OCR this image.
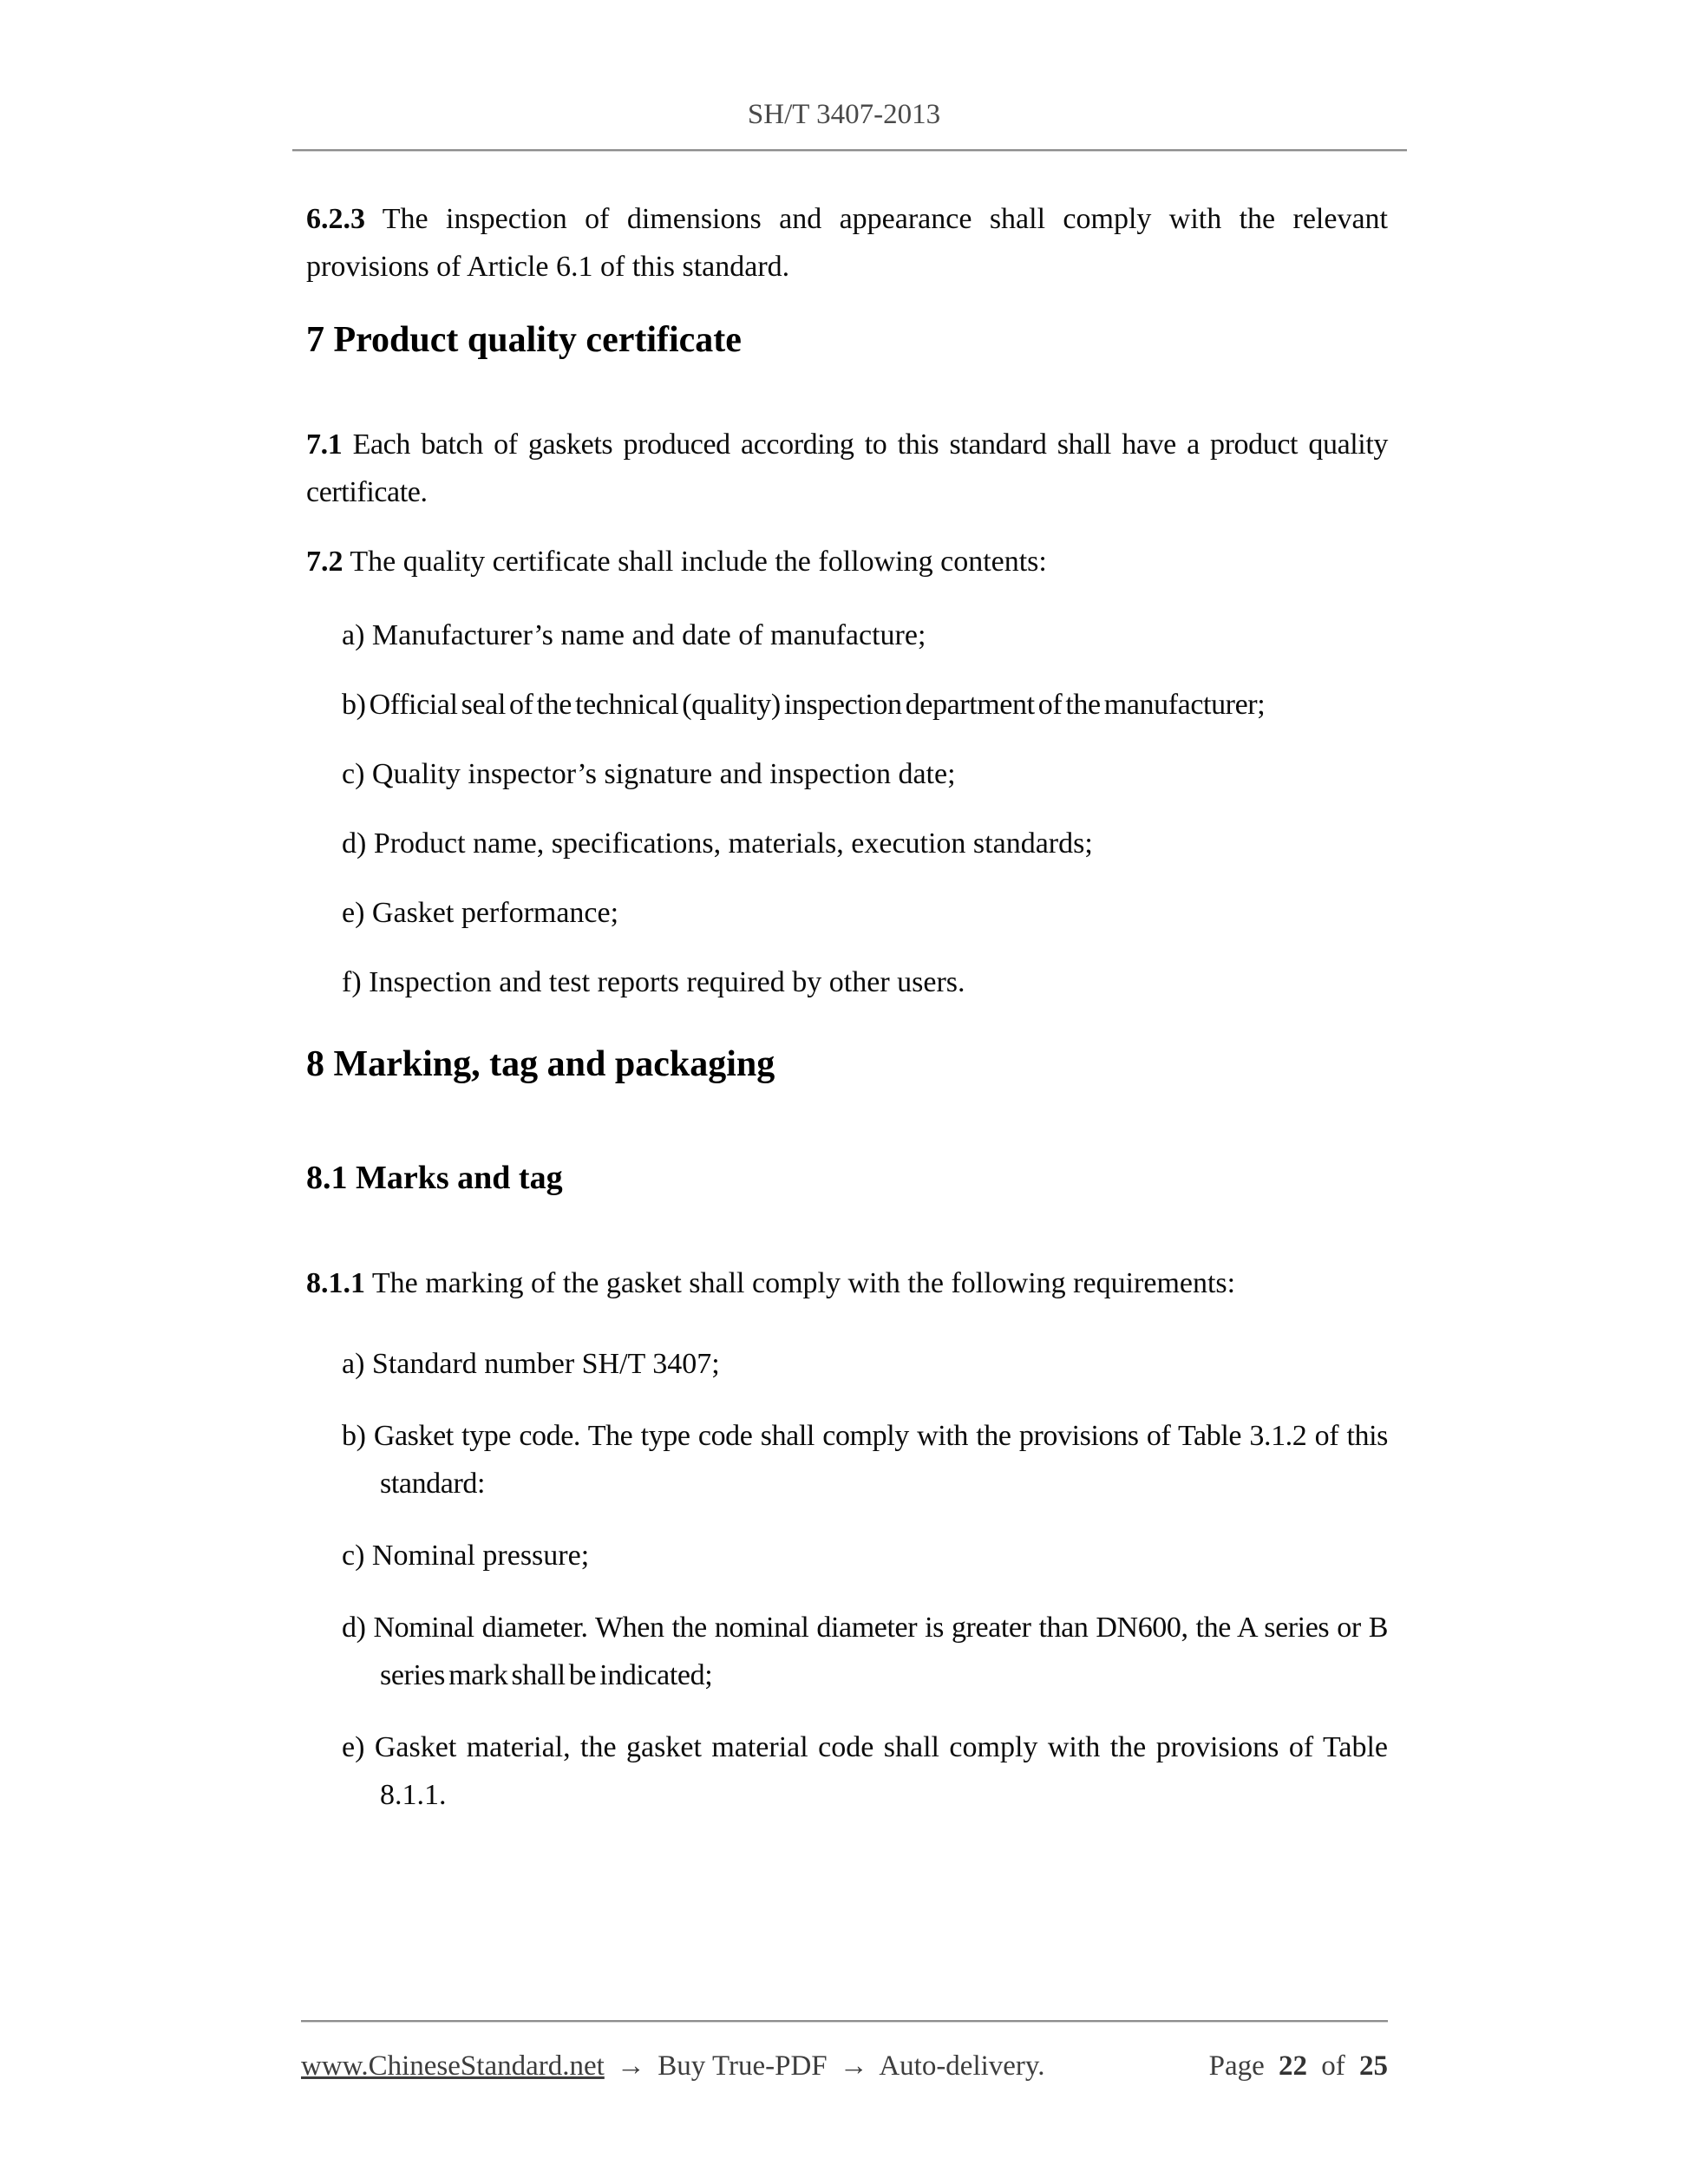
SH/T 3407-2013

6.2.3 The inspection of dimensions and appearance shall comply with the relevant provisions of Article 6.1 of this standard.

7 Product quality certificate

7.1 Each batch of gaskets produced according to this standard shall have a product quality certificate.

7.2 The quality certificate shall include the following contents:

a) Manufacturer’s name and date of manufacture;
b) Official seal of the technical (quality) inspection department of the manufacturer;
c) Quality inspector’s signature and inspection date;
d) Product name, specifications, materials, execution standards;
e) Gasket performance;
f) Inspection and test reports required by other users.
8 Marking, tag and packaging
8.1 Marks and tag

8.1.1 The marking of the gasket shall comply with the following requirements:

a) Standard number SH/T 3407;
b) Gasket type code. The type code shall comply with the provisions of Table 3.1.2 of this standard:
c) Nominal pressure;
d) Nominal diameter. When the nominal diameter is greater than DN600, the A series or B series mark shall be indicated;
e) Gasket material, the gasket material code shall comply with the provisions of Table 8.1.1.
www.ChineseStandard.net → Buy True-PDF → Auto-delivery.	Page 22 of 25
